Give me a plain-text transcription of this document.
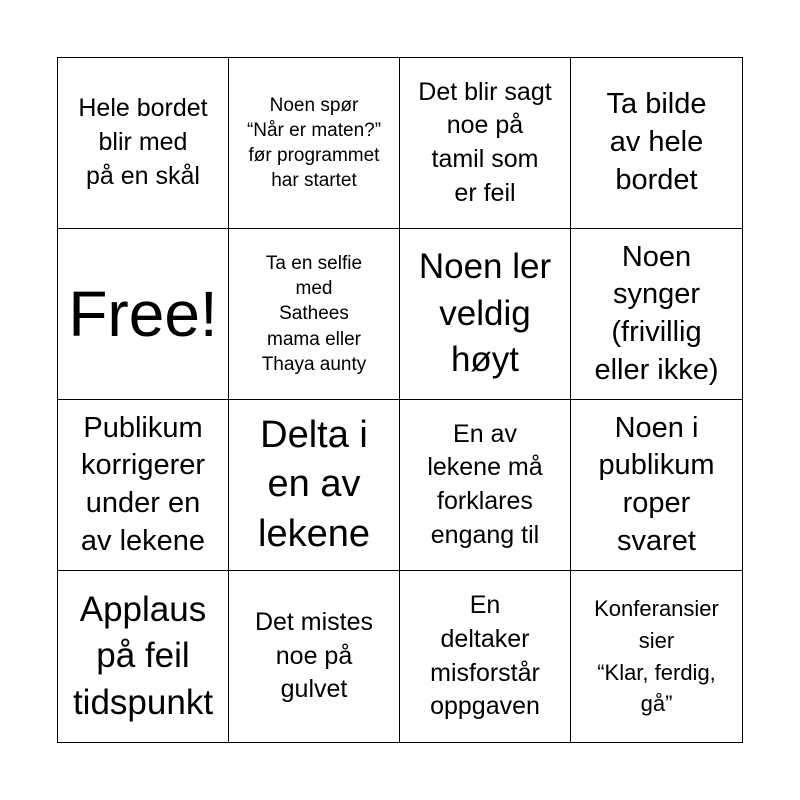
Hele bordet
blir med
på en skål
Noen spør
“Når er maten?”
før programmet
har startet
Det blir sagt
noe på
tamil som
er feil
Ta bilde
av hele
bordet
Free!
Ta en selfie
med
Sathees
mama eller
Thaya aunty
Noen ler
veldig
høyt
Noen
synger
(frivillig
eller ikke)
Publikum
korrigerer
under en
av lekene
Delta i
en av
lekene
En av
lekene må
forklares
engang til
Noen i
publikum
roper
svaret
Applaus
på feil
tidspunkt
Det mistes
noe på
gulvet
En
deltaker
misforstår
oppgaven
Konferansier
sier
“Klar, ferdig,
gå”
